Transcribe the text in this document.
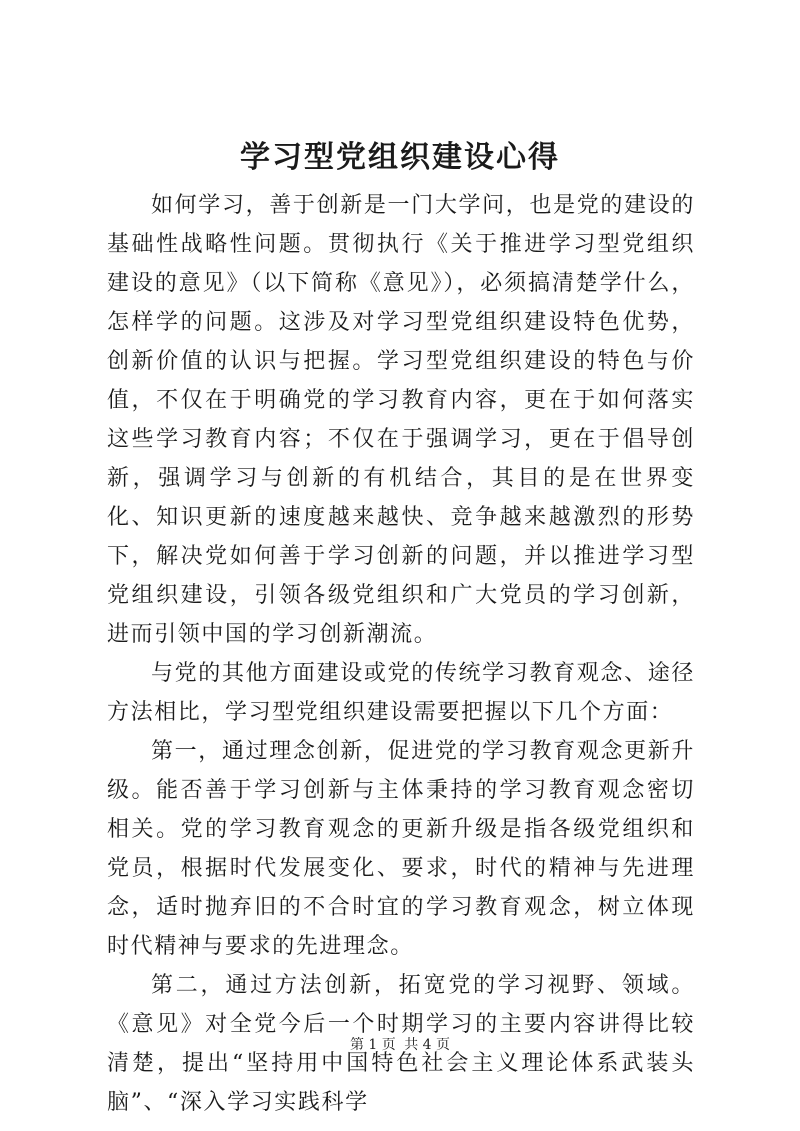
学习型党组织建设心得

如何学习，善于创新是一门大学问，也是党的建设的基础性战略性问题。贯彻执行《关于推进学习型党组织建设的意见》（以下简称《意见》），必须搞清楚学什么，怎样学的问题。这涉及对学习型党组织建设特色优势，创新价值的认识与把握。学习型党组织建设的特色与价值，不仅在于明确党的学习教育内容，更在于如何落实这些学习教育内容；不仅在于强调学习，更在于倡导创新，强调学习与创新的有机结合，其目的是在世界变化、知识更新的速度越来越快、竞争越来越激烈的形势下，解决党如何善于学习创新的问题，并以推进学习型党组织建设，引领各级党组织和广大党员的学习创新，进而引领中国的学习创新潮流。

与党的其他方面建设或党的传统学习教育观念、途径方法相比，学习型党组织建设需要把握以下几个方面：

第一，通过理念创新，促进党的学习教育观念更新升级。能否善于学习创新与主体秉持的学习教育观念密切相关。党的学习教育观念的更新升级是指各级党组织和党员，根据时代发展变化、要求，时代的精神与先进理念，适时抛弃旧的不合时宜的学习教育观念，树立体现时代精神与要求的先进理念。

第二，通过方法创新，拓宽党的学习视野、领域。《意见》对全党今后一个时期学习的主要内容讲得比较清楚，提出“坚持用中国特色社会主义理论体系武装头脑”、“深入学习实践科学

第 1 页 共 4 页
